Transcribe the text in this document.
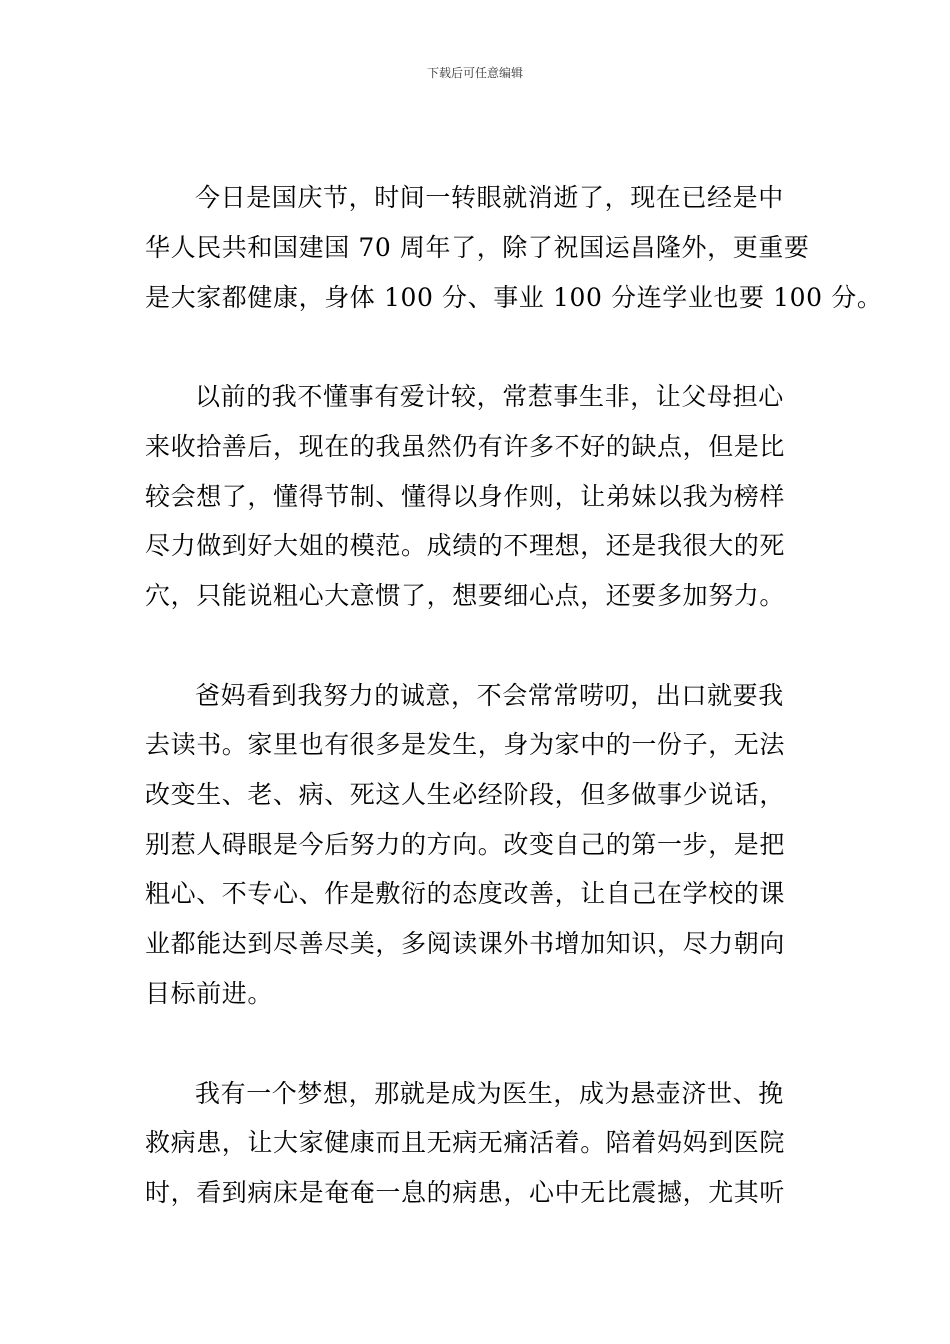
下载后可任意编辑
今日是国庆节，时间一转眼就消逝了，现在已经是中
华人民共和国建国 70 周年了，除了祝国运昌隆外，更重要
是大家都健康，身体 100 分、事业 100 分连学业也要 100 分。
以前的我不懂事有爱计较，常惹事生非，让父母担心
来收拾善后，现在的我虽然仍有许多不好的缺点，但是比
较会想了，懂得节制、懂得以身作则，让弟妹以我为榜样
尽力做到好大姐的模范。成绩的不理想，还是我很大的死
穴，只能说粗心大意惯了，想要细心点，还要多加努力。
爸妈看到我努力的诚意，不会常常唠叨，出口就要我
去读书。家里也有很多是发生，身为家中的一份子，无法
改变生、老、病、死这人生必经阶段，但多做事少说话，
别惹人碍眼是今后努力的方向。改变自己的第一步，是把
粗心、不专心、作是敷衍的态度改善，让自己在学校的课
业都能达到尽善尽美，多阅读课外书增加知识，尽力朝向
目标前进。
我有一个梦想，那就是成为医生，成为悬壶济世、挽
救病患，让大家健康而且无病无痛活着。陪着妈妈到医院
时，看到病床是奄奄一息的病患，心中无比震撼，尤其听
